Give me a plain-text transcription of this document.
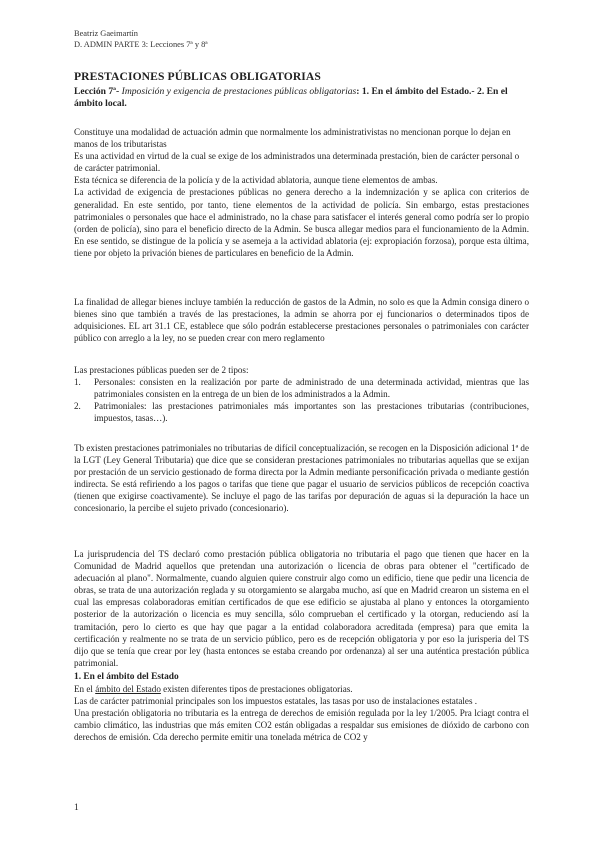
Beatriz Gaeimartín
D. ADMIN PARTE 3: Lecciones 7ª y 8ª
PRESTACIONES PÚBLICAS OBLIGATORIAS
Lección 7ª- Imposición y exigencia de prestaciones públicas obligatorias: 1. En el ámbito del Estado.- 2. En el ámbito local.

Constituye una modalidad de actuación admin que normalmente los administrativistas no mencionan porque lo dejan en manos de los tributaristas

Es una actividad en virtud de la cual se exige de los administrados una determinada prestación, bien de carácter personal o de carácter patrimonial.

Esta técnica se diferencia de la policía y de la actividad ablatoria, aunque tiene elementos de ambas.

La actividad de exigencia de prestaciones públicas no genera derecho a la indemnización y se aplica con criterios de generalidad. En este sentido, por tanto, tiene elementos de la actividad de policía. Sin embargo, estas prestaciones patrimoniales o personales que hace el administrado, no la chase para satisfacer el interés general como podría ser lo propio (orden de policía), sino para el beneficio directo de la Admin. Se busca allegar medios para el funcionamiento de la Admin. En ese sentido, se distingue de la policía y se asemeja a la actividad ablatoria (ej: expropiación forzosa), porque esta última, tiene por objeto la privación bienes de particulares en beneficio de la Admin.

La finalidad de allegar bienes incluye también la reducción de gastos de la Admin, no solo es que la Admin consiga dinero o bienes sino que también a través de las prestaciones, la admin se ahorra por ej funcionarios o determinados tipos de adquisiciones. EL art 31.1 CE, establece que sólo podrán establecerse prestaciones personales o patrimoniales con carácter público con arreglo a la ley, no se pueden crear con mero reglamento

Las prestaciones públicas pueden ser de 2 tipos:

1. Personales: consisten en la realización por parte de administrado de una determinada actividad, mientras que las patrimoniales consisten en la entrega de un bien de los administrados a la Admin.
2. Patrimoniales: las prestaciones patrimoniales más importantes son las prestaciones tributarias (contribuciones, impuestos, tasas…).
Tb existen prestaciones patrimoniales no tributarias de difícil conceptualización, se recogen en la Disposición adicional 1ª de la LGT (Ley General Tributaria) que dice que se consideran prestaciones patrimoniales no tributarias aquellas que se exijan por prestación de un servicio gestionado de forma directa por la Admin mediante personificación privada o mediante gestión indirecta. Se está refiriendo a los pagos o tarifas que tiene que pagar el usuario de servicios públicos de recepción coactiva (tienen que exigirse coactivamente). Se incluye el pago de las tarifas por depuración de aguas si la depuración la hace un concesionario, la percibe el sujeto privado (concesionario).
La jurisprudencia del TS declaró como prestación pública obligatoria no tributaria el pago que tienen que hacer en la Comunidad de Madrid aquellos que pretendan una autorización o licencia de obras para obtener el "certificado de adecuación al plano". Normalmente, cuando alguien quiere construir algo como un edificio, tiene que pedir una licencia de obras, se trata de una autorización reglada y su otorgamiento se alargaba mucho, así que en Madrid crearon un sistema en el cual las empresas colaboradoras emitían certificados de que ese edificio se ajustaba al plano y entonces la otorgamiento posterior de la autorización o licencia es muy sencilla, sólo comprueban el certificado y la otorgan, reduciendo así la tramitación, pero lo cierto es que hay que pagar a la entidad colaboradora acreditada (empresa) para que emita la certificación y realmente no se trata de un servicio público, pero es de recepción obligatoria y por eso la jurisperia del TS dijo que se tenía que crear por ley (hasta entonces se estaba creando por ordenanza) al ser una auténtica prestación pública patrimonial.

1. En el ámbito del Estado

En el ámbito del Estado existen diferentes tipos de prestaciones obligatorias.

Las de carácter patrimonial principales son los impuestos estatales, las tasas por uso de instalaciones estatales .

Una prestación obligatoria no tributaria es la entrega de derechos de emisión regulada por la ley 1/2005. Pra lciagt contra el cambio climático, las industrias que más emiten CO2 están obligadas a respaldar sus emisiones de dióxido de carbono con derechos de emisión. Cda derecho permite emitir una tonelada métrica de CO2 y

1
